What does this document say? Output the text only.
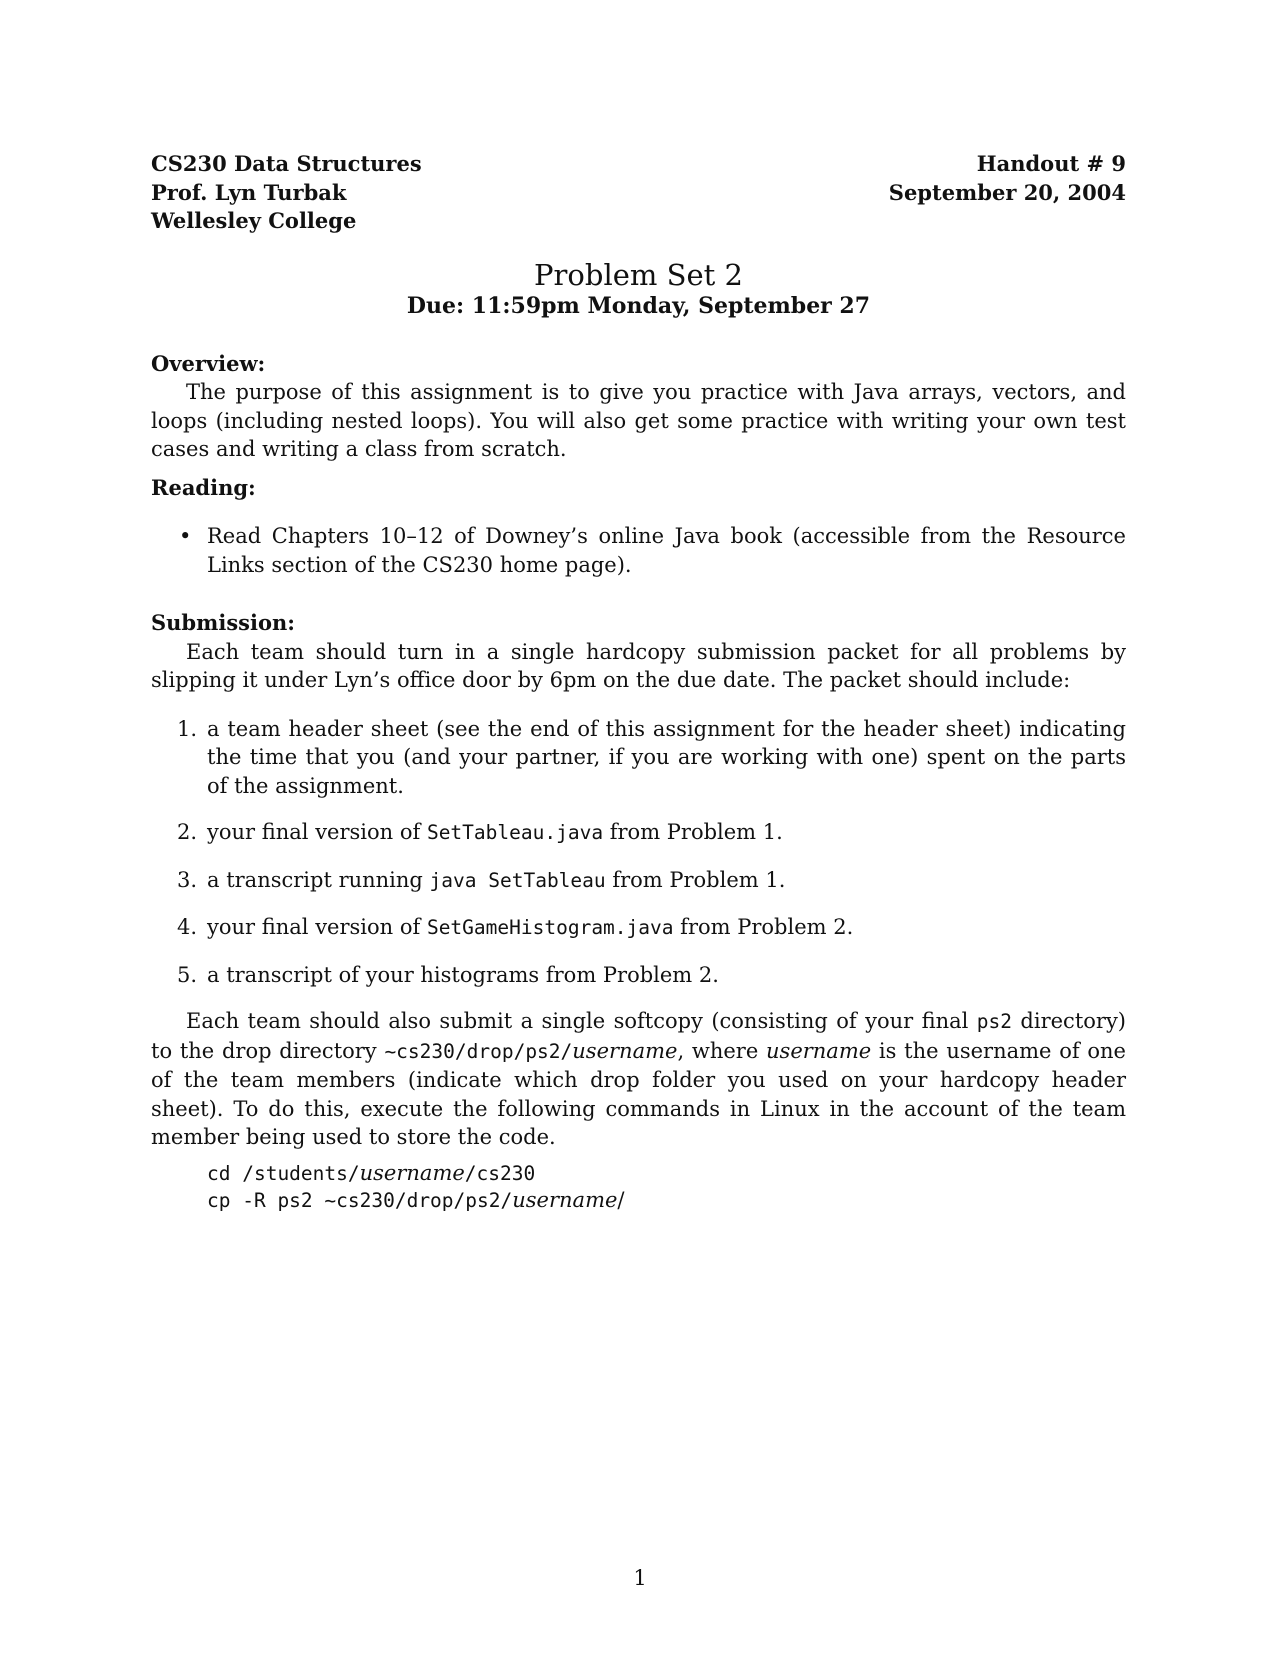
CS230 Data Structures
Prof. Lyn Turbak
Wellesley College
Handout # 9
September 20, 2004
Problem Set 2
Due: 11:59pm Monday, September 27
Overview:

The purpose of this assignment is to give you practice with Java arrays, vectors, and loops (including nested loops). You will also get some practice with writing your own test cases and writing a class from scratch.

Reading:
• Read Chapters 10–12 of Downey’s online Java book (accessible from the Resource Links section of the CS230 home page).
Submission:

Each team should turn in a single hardcopy submission packet for all problems by slipping it under Lyn’s office door by 6pm on the due date. The packet should include:

1. a team header sheet (see the end of this assignment for the header sheet) indicating the time that you (and your partner, if you are working with one) spent on the parts of the assignment.
2. your final version of SetTableau.java from Problem 1.
3. a transcript running java SetTableau from Problem 1.
4. your final version of SetGameHistogram.java from Problem 2.
5. a transcript of your histograms from Problem 2.

Each team should also submit a single softcopy (consisting of your final ps2 directory) to the drop directory ~cs230/drop/ps2/username, where username is the username of one of the team members (indicate which drop folder you used on your hardcopy header sheet). To do this, execute the following commands in Linux in the account of the team member being used to store the code.

cd /students/username/cs230
cp -R ps2 ~cs230/drop/ps2/username/
1
